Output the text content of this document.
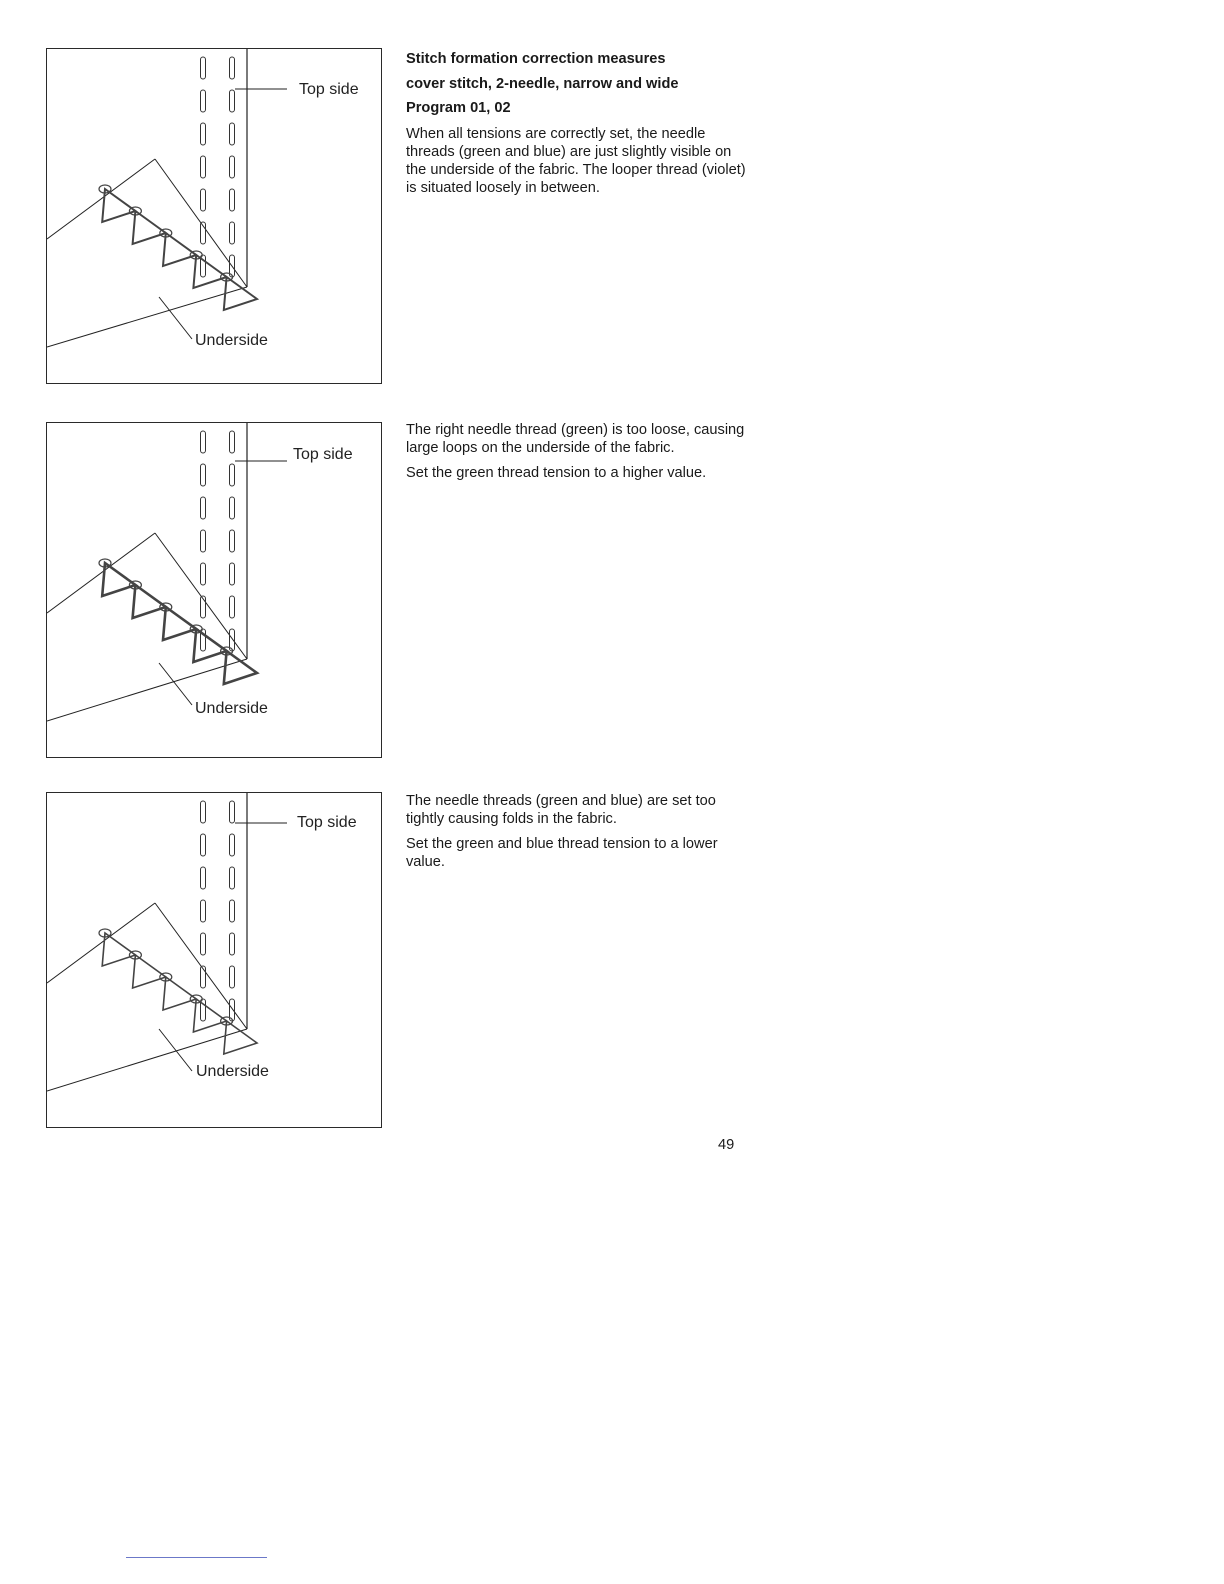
Top side
Underside
Top side
Underside
Top side
Underside
Stitch formation correction measures
cover stitch, 2-needle, narrow and wide
Program 01, 02

When all tensions are correctly set, the needle threads (green and blue) are just slightly visible on the underside of the fabric. The looper thread (violet) is situated loosely in between.

The right needle thread (green) is too loose, causing large loops on the underside of the fabric.

Set the green thread tension to a higher value.

The needle threads (green and blue) are set too tightly causing folds in the fabric.

Set the green and blue thread tension to a lower value.

49
